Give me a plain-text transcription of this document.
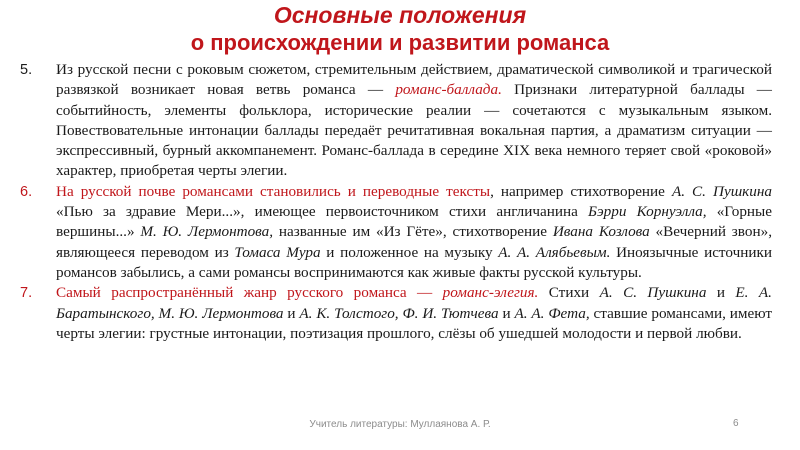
Основные положения
о происхождении и развитии романса
5. Из русской песни с роковым сюжетом, стремительным действием, драматической символикой и трагической развязкой возникает новая ветвь романса — романс-баллада. Признаки литературной баллады — событийность, элементы фольклора, исторические реалии — сочетаются с музыкальным языком. Повествовательные интонации баллады передаёт речитативная вокальная партия, а драматизм ситуации — экспрессивный, бурный аккомпанемент. Романс-баллада в середине XIX века немного теряет свой «роковой» характер, приобретая черты элегии.
6. На русской почве романсами становились и переводные тексты, например стихотворение А. С. Пушкина «Пью за здравие Мери...», имеющее первоисточником стихи англичанина Бэрри Корнуэлла, «Горные вершины...» М. Ю. Лермонтова, названные им «Из Гёте», стихотворение Ивана Козлова «Вечерний звон», являющееся переводом из Томаса Мура и положенное на музыку А. А. Алябьевым. Иноязычные источники романсов забылись, а сами романсы воспринимаются как живые факты русской культуры.
7. Самый распространённый жанр русского романса — романс-элегия. Стихи А. С. Пушкина и Е. А. Баратынского, М. Ю. Лермонтова и А. К. Толстого, Ф. И. Тютчева и А. А. Фета, ставшие романсами, имеют черты элегии: грустные интонации, поэтизация прошлого, слёзы об ушедшей молодости и первой любви.
Учитель литературы: Муллаянова А. Р.	6
